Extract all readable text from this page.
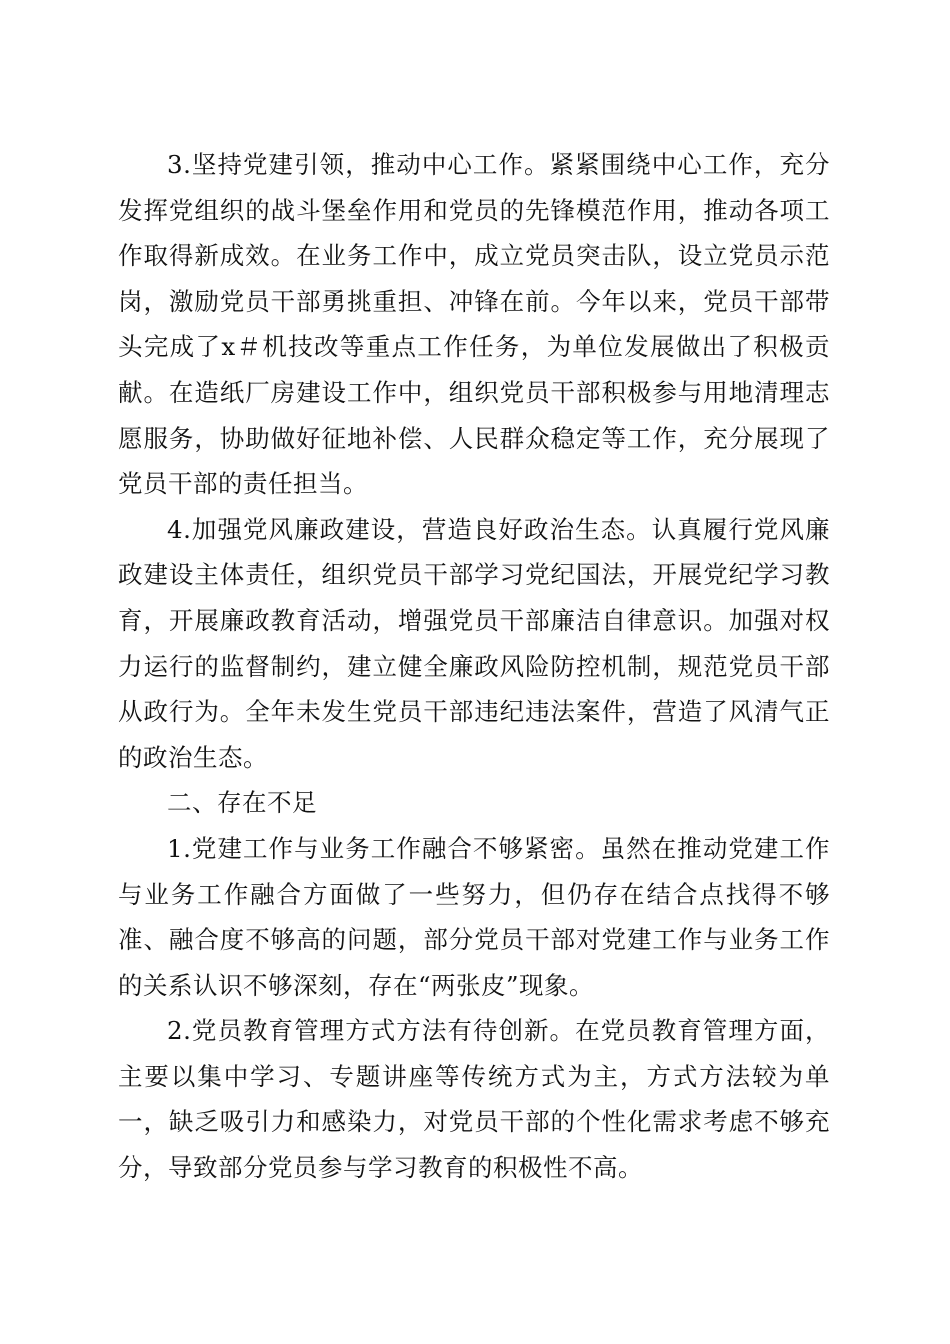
3.坚持党建引领，推动中心工作。紧紧围绕中心工作，充分发挥党组织的战斗堡垒作用和党员的先锋模范作用，推动各项工作取得新成效。在业务工作中，成立党员突击队，设立党员示范岗，激励党员干部勇挑重担、冲锋在前。今年以来，党员干部带头完成了x＃机技改等重点工作任务，为单位发展做出了积极贡献。在造纸厂房建设工作中，组织党员干部积极参与用地清理志愿服务，协助做好征地补偿、人民群众稳定等工作，充分展现了党员干部的责任担当。

4.加强党风廉政建设，营造良好政治生态。认真履行党风廉政建设主体责任，组织党员干部学习党纪国法，开展党纪学习教育，开展廉政教育活动，增强党员干部廉洁自律意识。加强对权力运行的监督制约，建立健全廉政风险防控机制，规范党员干部从政行为。全年未发生党员干部违纪违法案件，营造了风清气正的政治生态。

二、存在不足

1.党建工作与业务工作融合不够紧密。虽然在推动党建工作与业务工作融合方面做了一些努力，但仍存在结合点找得不够准、融合度不够高的问题，部分党员干部对党建工作与业务工作的关系认识不够深刻，存在“两张皮”现象。

2.党员教育管理方式方法有待创新。在党员教育管理方面，主要以集中学习、专题讲座等传统方式为主，方式方法较为单一，缺乏吸引力和感染力，对党员干部的个性化需求考虑不够充分，导致部分党员参与学习教育的积极性不高。
